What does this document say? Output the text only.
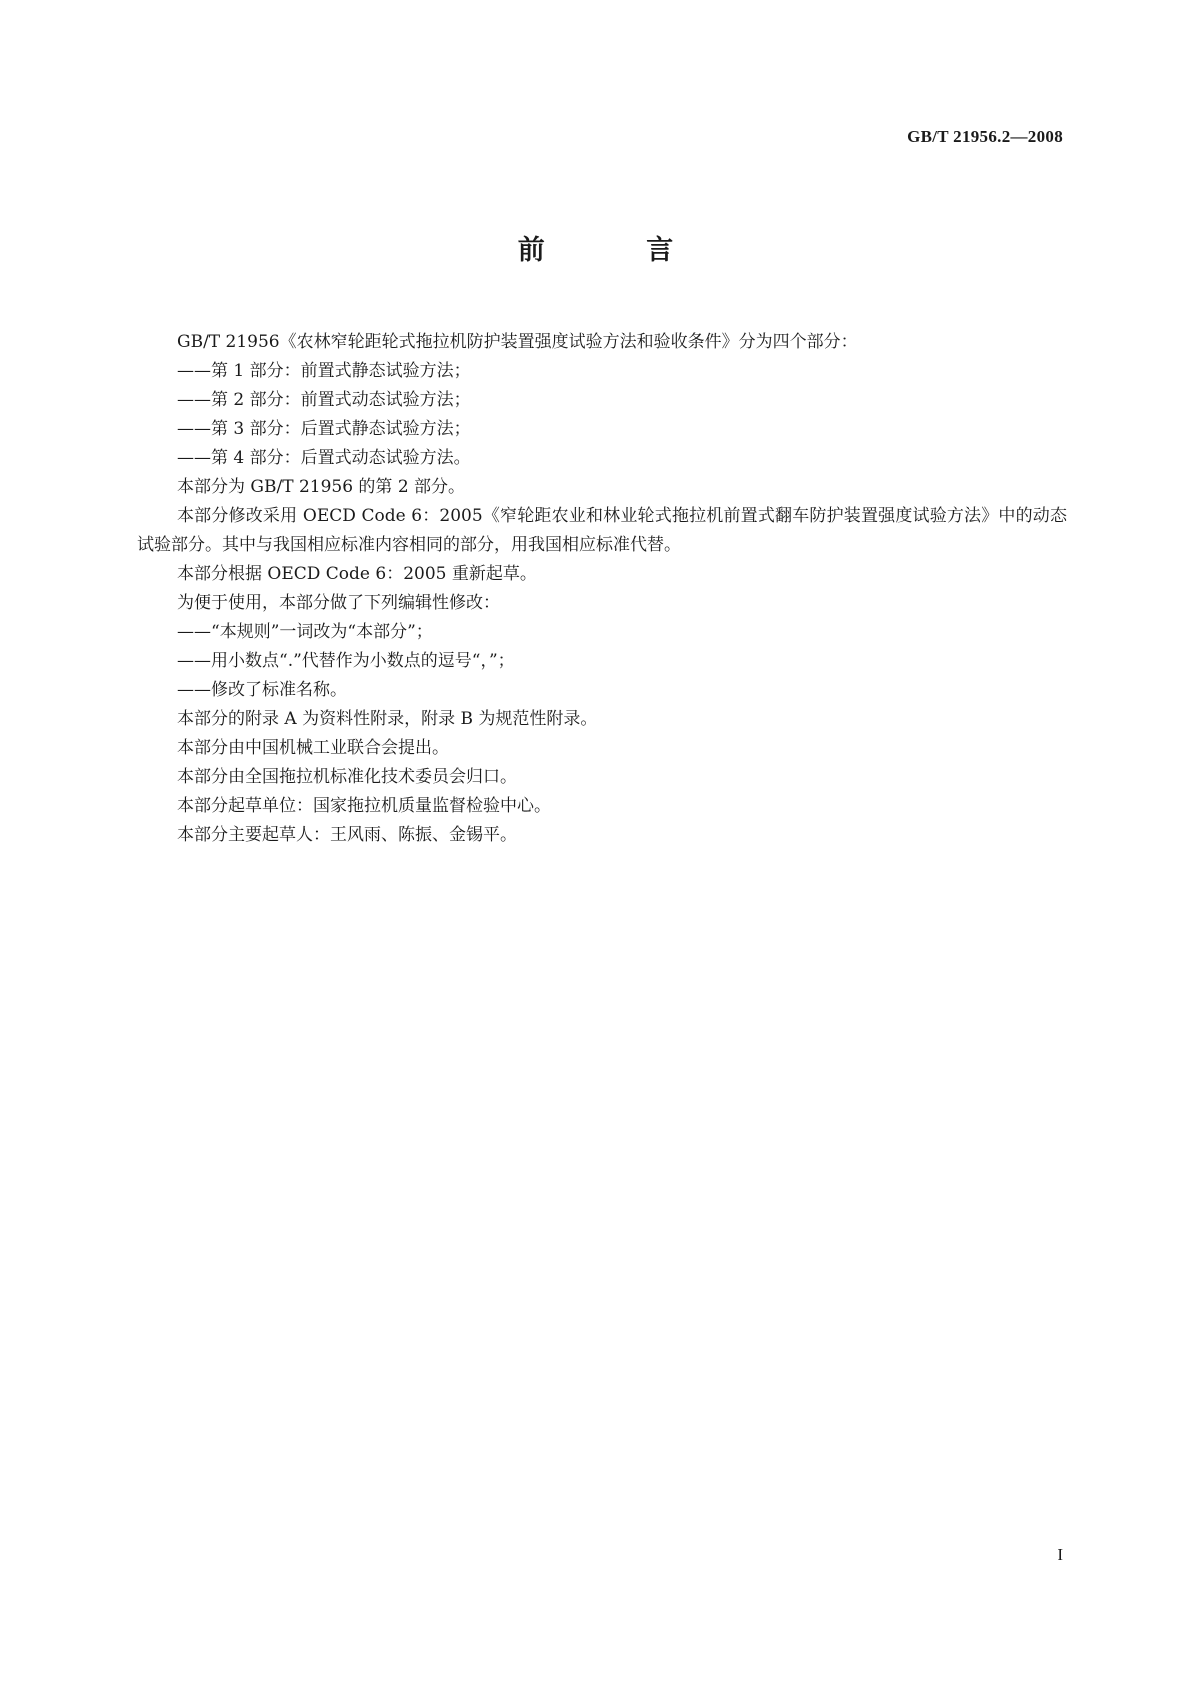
GB/T 21956.2—2008
前 言

GB/T 21956《农林窄轮距轮式拖拉机防护装置强度试验方法和验收条件》分为四个部分：

——第 1 部分：前置式静态试验方法；

——第 2 部分：前置式动态试验方法；

——第 3 部分：后置式静态试验方法；

——第 4 部分：后置式动态试验方法。

本部分为 GB/T 21956 的第 2 部分。

本部分修改采用 OECD Code 6：2005《窄轮距农业和林业轮式拖拉机前置式翻车防护装置强度试验方法》中的动态试验部分。其中与我国相应标准内容相同的部分，用我国相应标准代替。

本部分根据 OECD Code 6：2005 重新起草。

为便于使用，本部分做了下列编辑性修改：

——“本规则”一词改为“本部分”；

——用小数点“.”代替作为小数点的逗号“，”；

——修改了标准名称。

本部分的附录 A 为资料性附录，附录 B 为规范性附录。

本部分由中国机械工业联合会提出。

本部分由全国拖拉机标准化技术委员会归口。

本部分起草单位：国家拖拉机质量监督检验中心。

本部分主要起草人：王风雨、陈振、金锡平。

I
